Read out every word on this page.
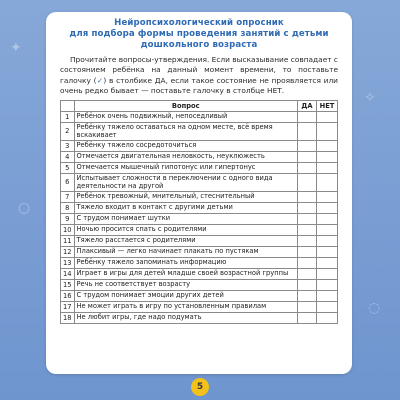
✦
○
✧
◌
Нейропсихологический опросник
для подбора формы проведения занятий с детьми
дошкольного возраста
Прочитайте вопросы-утверждения. Если высказывание совпадает с состоянием ребёнка на данный момент времени, то поставьте галочку (✓) в столбике ДА, если такое состояние не проявляется или очень редко бывает — поставьте галочку в столбце НЕТ.
	Вопрос	ДА	НЕТ
1	Ребёнок очень подвижный, непоседливый		
2	Ребёнку тяжело оставаться на одном месте, всё время вскакивает		
3	Ребёнку тяжело сосредоточиться		
4	Отмечается двигательная неловкость, неуклюжесть		
5	Отмечается мышечный гипотонус или гипертонус		
6	Испытывает сложности в переключении с одного вида деятельности на другой		
7	Ребёнок тревожный, мнительный, стеснительный		
8	Тяжело входит в контакт с другими детьми		
9	С трудом понимает шутки		
10	Ночью просится спать с родителями		
11	Тяжело расстается с родителями		
12	Плаксивый — легко начинает плакать по пустякам		
13	Ребёнку тяжело запоминать информацию		
14	Играет в игры для детей младше своей возрастной группы		
15	Речь не соответствует возрасту		
16	С трудом понимает эмоции других детей		
17	Не может играть в игру по установленным правилам		
18	Не любит игры, где надо подумать		
5
